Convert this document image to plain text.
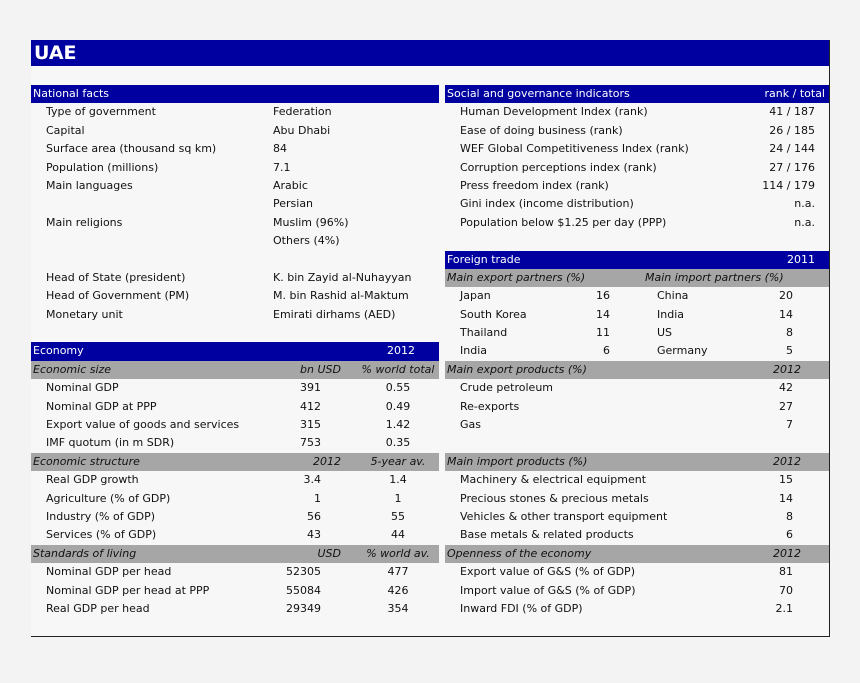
UAE
National facts
Type of government	Federation
Capital	Abu Dhabi
Surface area (thousand sq km)	84
Population (millions)	7.1
Main languages	Arabic
Persian
Main religions	Muslim (96%)
Others (4%)
Head of State (president)	K. bin Zayid al-Nuhayyan
Head of Government (PM)	M. bin Rashid al-Maktum
Monetary unit	Emirati dirhams (AED)
Economy	2012
Economic size	bn USD	% world total
Nominal GDP	391	0.55
Nominal GDP at PPP	412	0.49
Export value of goods and services	315	1.42
IMF quotum (in m SDR)	753	0.35
Economic structure	2012	5-year av.
Real GDP growth	3.4	1.4
Agriculture (% of GDP)	1	1
Industry (% of GDP)	56	55
Services (% of GDP)	43	44
Standards of living	USD	% world av.
Nominal GDP per head	52305	477
Nominal GDP per head at PPP	55084	426
Real GDP per head	29349	354
Social and governance indicators	rank / total
Human Development Index (rank)	41 / 187
Ease of doing business (rank)	26 / 185
WEF Global Competitiveness Index (rank)	24 / 144
Corruption perceptions index (rank)	27 / 176
Press freedom index (rank)	114 / 179
Gini index (income distribution)	n.a.
Population below $1.25 per day (PPP)	n.a.
Foreign trade	2011
Main export partners (%)	Main import partners (%)
Japan	16	China	20
South Korea	14	India	14
Thailand	11	US	8
India	6	Germany	5
Main export products (%)	2012
Crude petroleum	42
Re-exports	27
Gas	7
Main import products (%)	2012
Machinery & electrical equipment	15
Precious stones & precious metals	14
Vehicles & other transport equipment	8
Base metals & related products	6
Openness of the economy	2012
Export value of G&S (% of GDP)	81
Import value of G&S (% of GDP)	70
Inward FDI (% of GDP)	2.1
